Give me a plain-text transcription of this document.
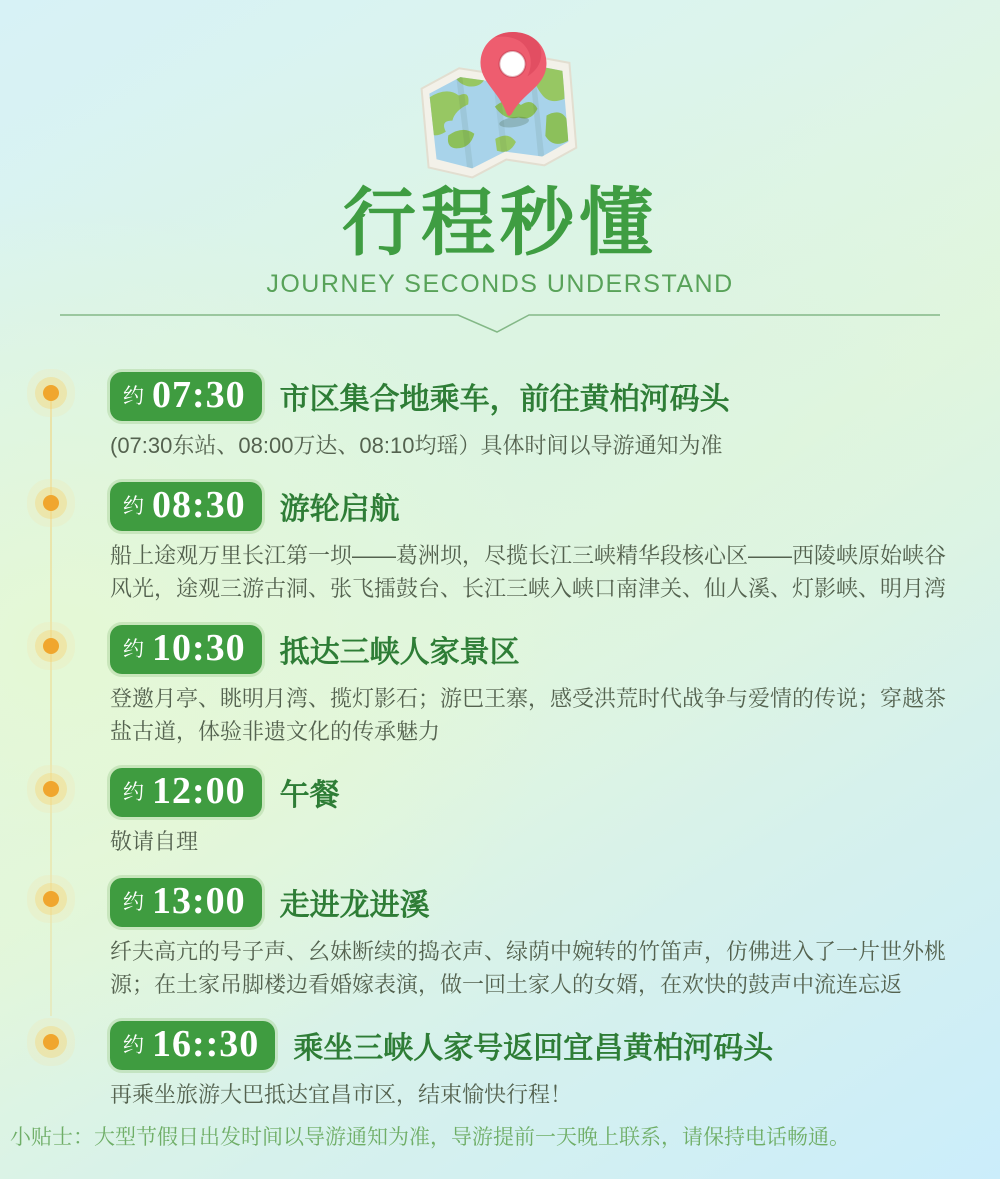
行程秒懂
JOURNEY SECONDS UNDERSTAND
约 07:30 市区集合地乘车，前往黄柏河码头
(07:30东站、08:00万达、08:10均瑶）具体时间以导游通知为准
约 08:30 游轮启航
船上途观万里长江第一坝——葛洲坝，尽揽长江三峡精华段核心区——西陵峡原始峡谷风光，途观三游古洞、张飞擂鼓台、长江三峡入峡口南津关、仙人溪、灯影峡、明月湾
约 10:30 抵达三峡人家景区
登邀月亭、眺明月湾、揽灯影石；游巴王寨，感受洪荒时代战争与爱情的传说；穿越茶盐古道，体验非遗文化的传承魅力
约 12:00 午餐
敬请自理
约 13:00 走进龙进溪
纤夫高亢的号子声、幺妹断续的捣衣声、绿荫中婉转的竹笛声，仿佛进入了一片世外桃源；在土家吊脚楼边看婚嫁表演，做一回土家人的女婿，在欢快的鼓声中流连忘返
约 16::30 乘坐三峡人家号返回宜昌黄柏河码头
再乘坐旅游大巴抵达宜昌市区，结束愉快行程！
小贴士：大型节假日出发时间以导游通知为准，导游提前一天晚上联系，请保持电话畅通。
